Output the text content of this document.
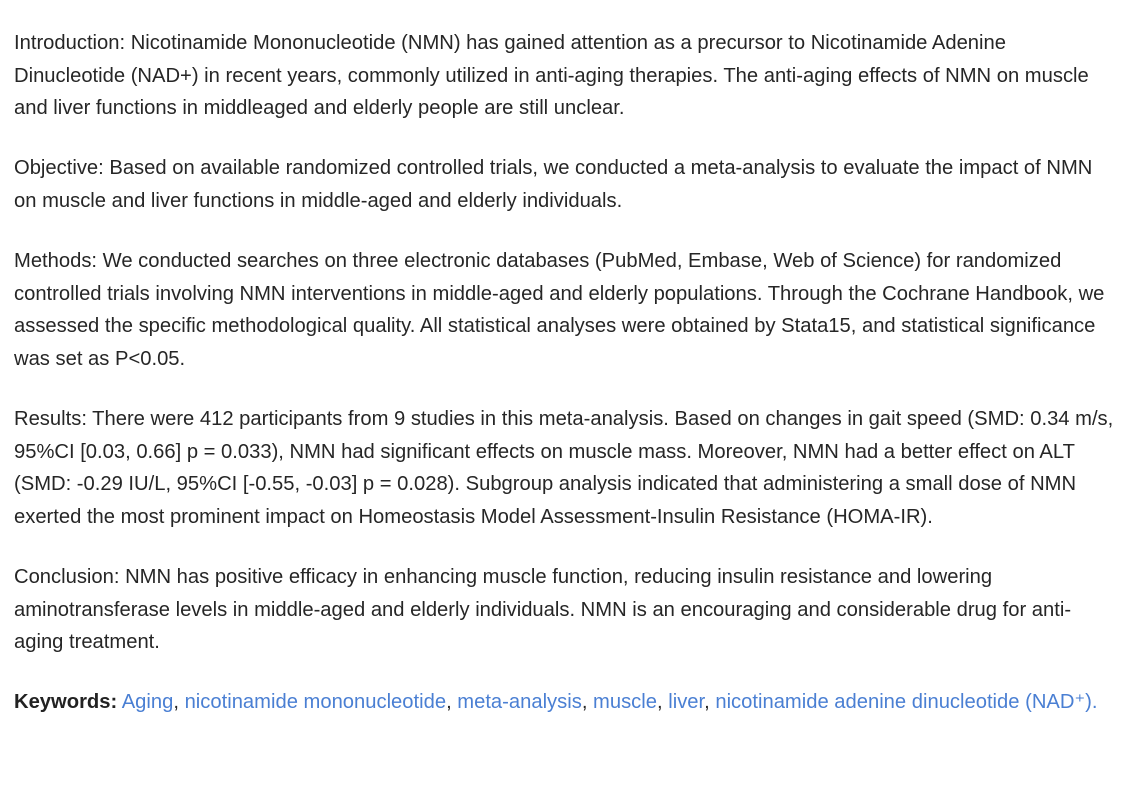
Introduction: Nicotinamide Mononucleotide (NMN) has gained attention as a precursor to Nicotinamide Adenine Dinucleotide (NAD+) in recent years, commonly utilized in anti-aging therapies. The anti-aging effects of NMN on muscle and liver functions in middleaged and elderly people are still unclear.

Objective: Based on available randomized controlled trials, we conducted a meta-analysis to evaluate the impact of NMN on muscle and liver functions in middle-aged and elderly individuals.

Methods: We conducted searches on three electronic databases (PubMed, Embase, Web of Science) for randomized controlled trials involving NMN interventions in middle-aged and elderly populations. Through the Cochrane Handbook, we assessed the specific methodological quality. All statistical analyses were obtained by Stata15, and statistical significance was set as P<0.05.

Results: There were 412 participants from 9 studies in this meta-analysis. Based on changes in gait speed (SMD: 0.34 m/s, 95%CI [0.03, 0.66] p = 0.033), NMN had significant effects on muscle mass. Moreover, NMN had a better effect on ALT (SMD: -0.29 IU/L, 95%CI [-0.55, -0.03] p = 0.028). Subgroup analysis indicated that administering a small dose of NMN exerted the most prominent impact on Homeostasis Model Assessment-Insulin Resistance (HOMA-IR).

Conclusion: NMN has positive efficacy in enhancing muscle function, reducing insulin resistance and lowering aminotransferase levels in middle-aged and elderly individuals. NMN is an encouraging and considerable drug for anti-aging treatment.

Keywords: Aging, nicotinamide mononucleotide, meta-analysis, muscle, liver, nicotinamide adenine dinucleotide (NAD⁺).
